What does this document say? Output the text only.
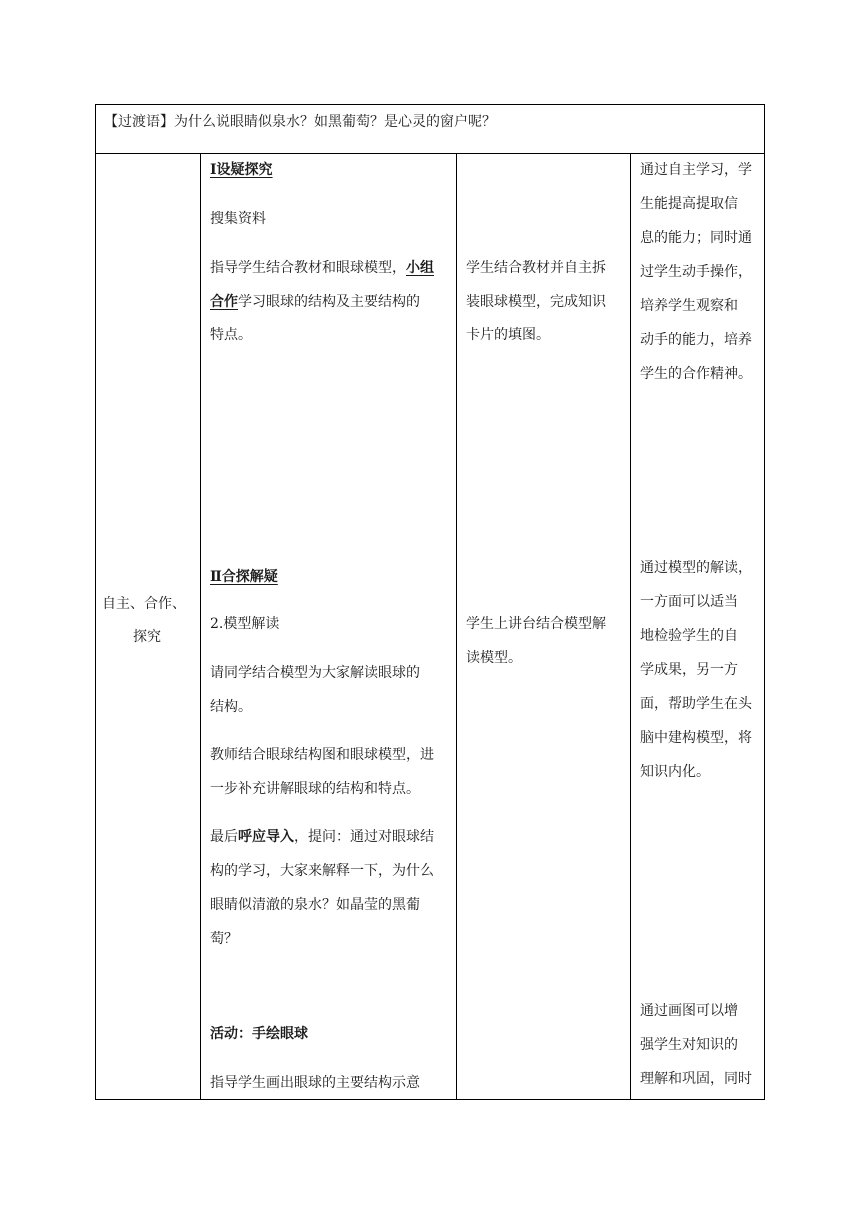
【过渡语】为什么说眼睛似泉水？如黑葡萄？是心灵的窗户呢？
自主、合作、
探究
Ⅰ设疑探究
搜集资料
指导学生结合教材和眼球模型，小组
合作学习眼球的结构及主要结构的
特点。
Ⅱ合探解疑
2.模型解读
请同学结合模型为大家解读眼球的
结构。
教师结合眼球结构图和眼球模型，进
一步补充讲解眼球的结构和特点。
最后呼应导入，提问：通过对眼球结
构的学习，大家来解释一下，为什么
眼睛似清澈的泉水？如晶莹的黑葡
萄？
活动：手绘眼球
指导学生画出眼球的主要结构示意
学生结合教材并自主拆
装眼球模型，完成知识
卡片的填图。
学生上讲台结合模型解
读模型。
通过自主学习，学
生能提高提取信
息的能力；同时通
过学生动手操作，
培养学生观察和
动手的能力，培养
学生的合作精神。
通过模型的解读，
一方面可以适当
地检验学生的自
学成果，另一方
面，帮助学生在头
脑中建构模型，将
知识内化。
通过画图可以增
强学生对知识的
理解和巩固，同时
